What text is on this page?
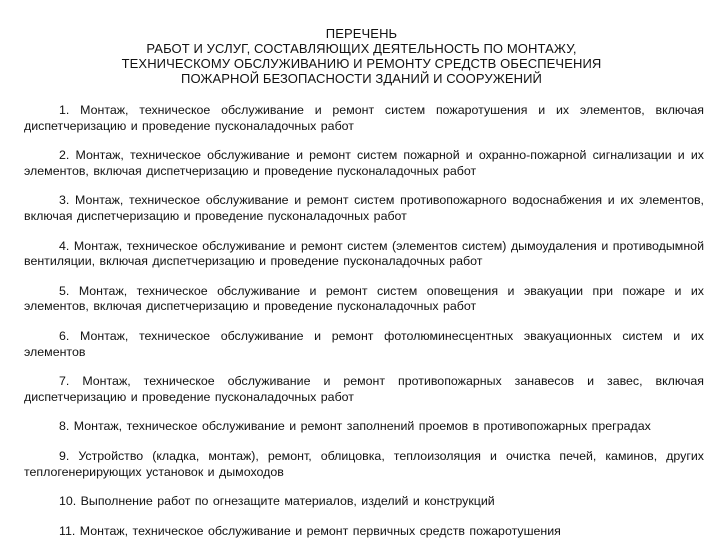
ПЕРЕЧЕНЬ
РАБОТ И УСЛУГ, СОСТАВЛЯЮЩИХ ДЕЯТЕЛЬНОСТЬ ПО МОНТАЖУ,
ТЕХНИЧЕСКОМУ ОБСЛУЖИВАНИЮ И РЕМОНТУ СРЕДСТВ ОБЕСПЕЧЕНИЯ
ПОЖАРНОЙ БЕЗОПАСНОСТИ ЗДАНИЙ И СООРУЖЕНИЙ

1. Монтаж, техническое обслуживание и ремонт систем пожаротушения и их элементов, включая диспетчеризацию и проведение пусконаладочных работ

2. Монтаж, техническое обслуживание и ремонт систем пожарной и охранно-пожарной сигнализации и их элементов, включая диспетчеризацию и проведение пусконаладочных работ

3. Монтаж, техническое обслуживание и ремонт систем противопожарного водоснабжения и их элементов, включая диспетчеризацию и проведение пусконаладочных работ

4. Монтаж, техническое обслуживание и ремонт систем (элементов систем) дымоудаления и противодымной вентиляции, включая диспетчеризацию и проведение пусконаладочных работ

5. Монтаж, техническое обслуживание и ремонт систем оповещения и эвакуации при пожаре и их элементов, включая диспетчеризацию и проведение пусконаладочных работ

6. Монтаж, техническое обслуживание и ремонт фотолюминесцентных эвакуационных систем и их элементов

7. Монтаж, техническое обслуживание и ремонт противопожарных занавесов и завес, включая диспетчеризацию и проведение пусконаладочных работ

8. Монтаж, техническое обслуживание и ремонт заполнений проемов в противопожарных преградах

9. Устройство (кладка, монтаж), ремонт, облицовка, теплоизоляция и очистка печей, каминов, других теплогенерирующих установок и дымоходов

10. Выполнение работ по огнезащите материалов, изделий и конструкций

11. Монтаж, техническое обслуживание и ремонт первичных средств пожаротушения
